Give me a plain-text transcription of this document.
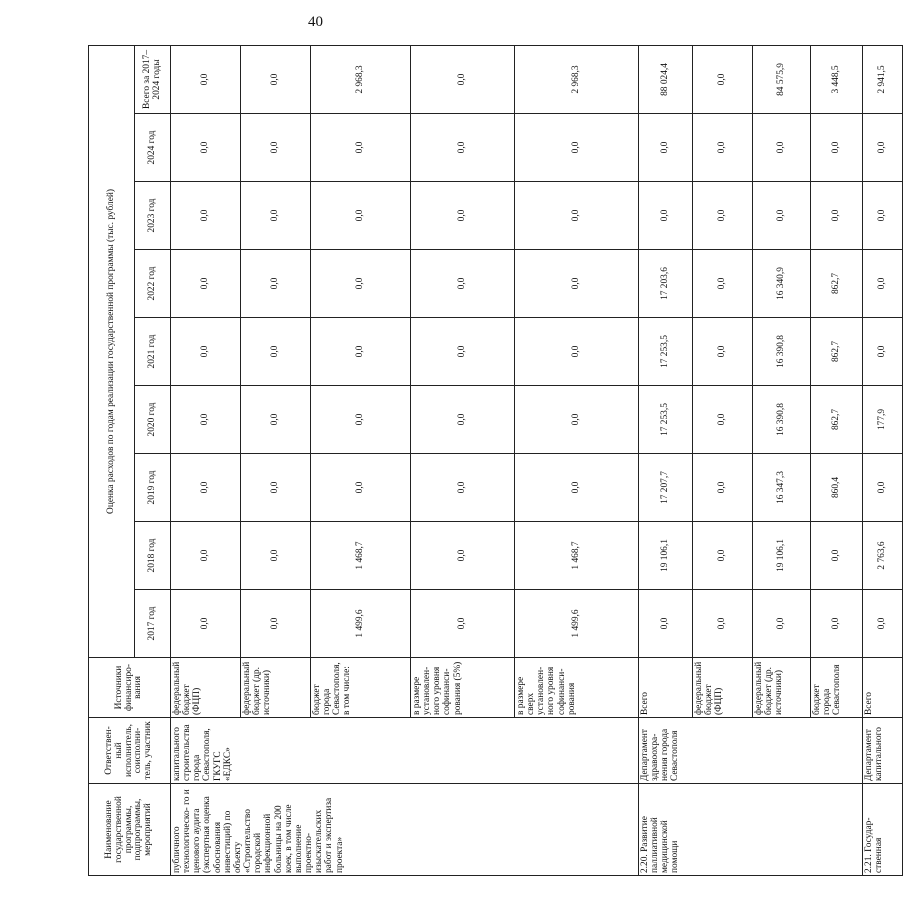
40
Наименование государственной программы, подпрограммы, мероприятий	Ответствен- ный исполнитель, соисполни- тель, участник	Источники финансиро- вания	Оценка расходов по годам реализации государственной программы (тыс. рублей)								
			2017 год	2018 год	2019 год	2020 год	2021 год	2022 год	2023 год	2024 год	Всего за 2017–2024 годы
публичного технологическо- го и ценового аудита (экспертная оценка обоснования инвестиций) по объекту «Строительство городской инфекционной больницы на 200 коек, в том числе выполнение проектно- изыскательских работ и экспертиза проекта»	капитального строительства города Севастополя, ГКУГС «ЕДКС»	федеральный бюджет (ФЦП)	0,0	0,0	0,0	0,0	0,0	0,0	0,0	0,0	0,0
		федеральный бюджет (др. источники)	0,0	0,0	0,0	0,0	0,0	0,0	0,0	0,0	0,0
		бюджет города Севастополя, в том числе:	1 499,6	1 468,7	0,0	0,0	0,0	0,0	0,0	0,0	2 968,3
		в размере установлен- ного уровня софинанси- рования (5%)	0,0	0,0	0,0	0,0	0,0	0,0	0,0	0,0	0,0
		в размере сверх установлен- ного уровня софинанси- рования	1 499,6	1 468,7	0,0	0,0	0,0	0,0	0,0	0,0	2 968,3
2.20. Развитие паллиативной медицинской помощи	Департамент здравоохра- нения города Севастополя	Всего	0,0	19 106,1	17 207,7	17 253,5	17 253,5	17 203,6	0,0	0,0	88 024,4
		федеральный бюджет (ФЦП)	0,0	0,0	0,0	0,0	0,0	0,0	0,0	0,0	0,0
		федеральный бюджет (др. источники)	0,0	19 106,1	16 347,3	16 390,8	16 390,8	16 340,9	0,0	0,0	84 575,9
		бюджет города Севастополя	0,0	0,0	860,4	862,7	862,7	862,7	0,0	0,0	3 448,5
2.21. Государ- ственная	Департамент капитального	Всего	0,0	2 763,6	0,0	177,9	0,0	0,0	0,0	0,0	2 941,5
